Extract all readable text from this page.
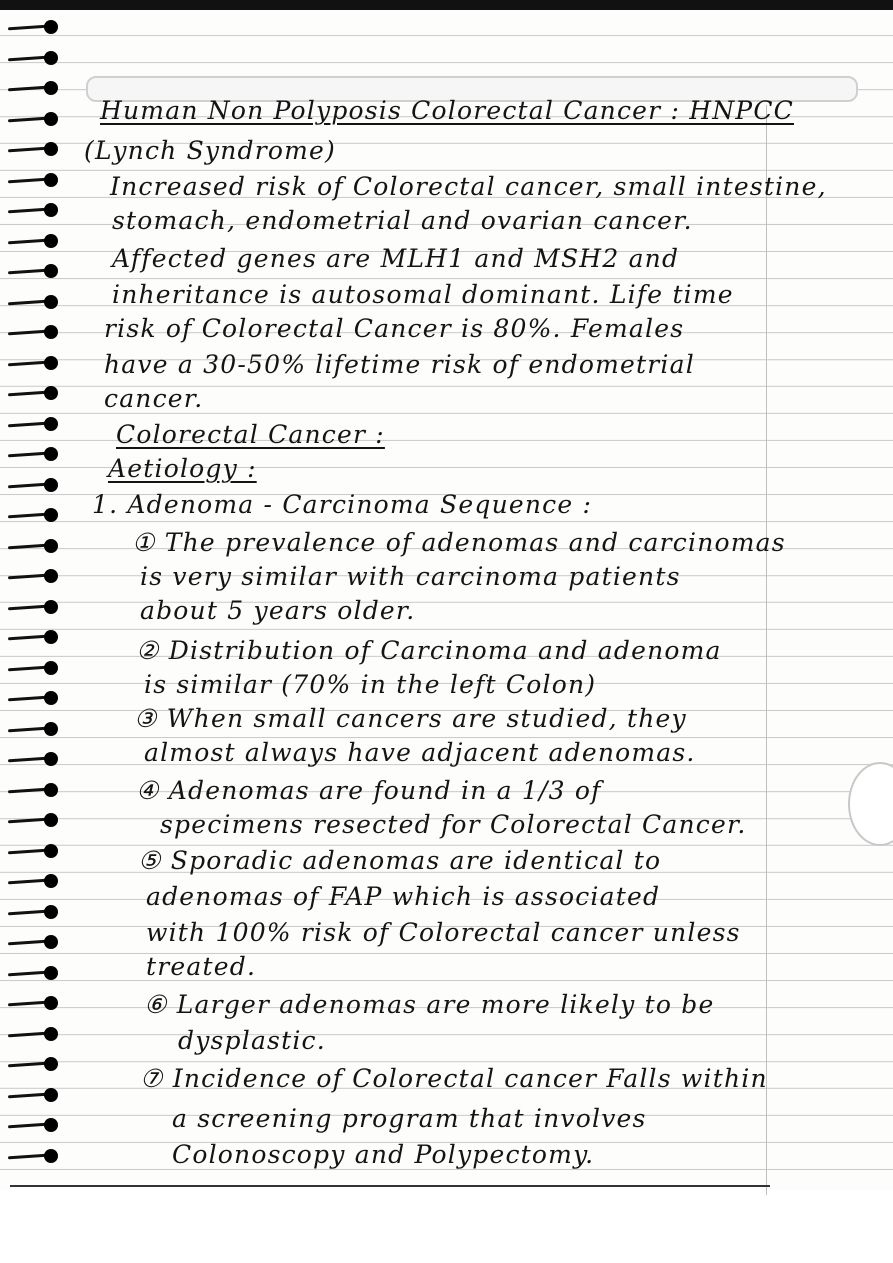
Human Non Polyposis Colorectal Cancer : HNPCC
(Lynch Syndrome)
Increased risk of Colorectal cancer, small intestine,
stomach, endometrial and ovarian cancer.
Affected genes are MLH1 and MSH2 and
inheritance is autosomal dominant. Life time
risk of Colorectal Cancer is 80%. Females
have a 30-50% lifetime risk of endometrial
cancer.
Colorectal Cancer :
Aetiology :
1. Adenoma - Carcinoma Sequence :
① The prevalence of adenomas and carcinomas
is very similar with carcinoma patients
about 5 years older.
② Distribution of Carcinoma and adenoma
is similar (70% in the left Colon)
③ When small cancers are studied, they
almost always have adjacent adenomas.
④ Adenomas are found in a 1/3 of
specimens resected for Colorectal Cancer.
⑤ Sporadic adenomas are identical to
adenomas of FAP which is associated
with 100% risk of Colorectal cancer unless
treated.
⑥ Larger adenomas are more likely to be
dysplastic.
⑦ Incidence of Colorectal cancer Falls within
a screening program that involves
Colonoscopy and Polypectomy.
